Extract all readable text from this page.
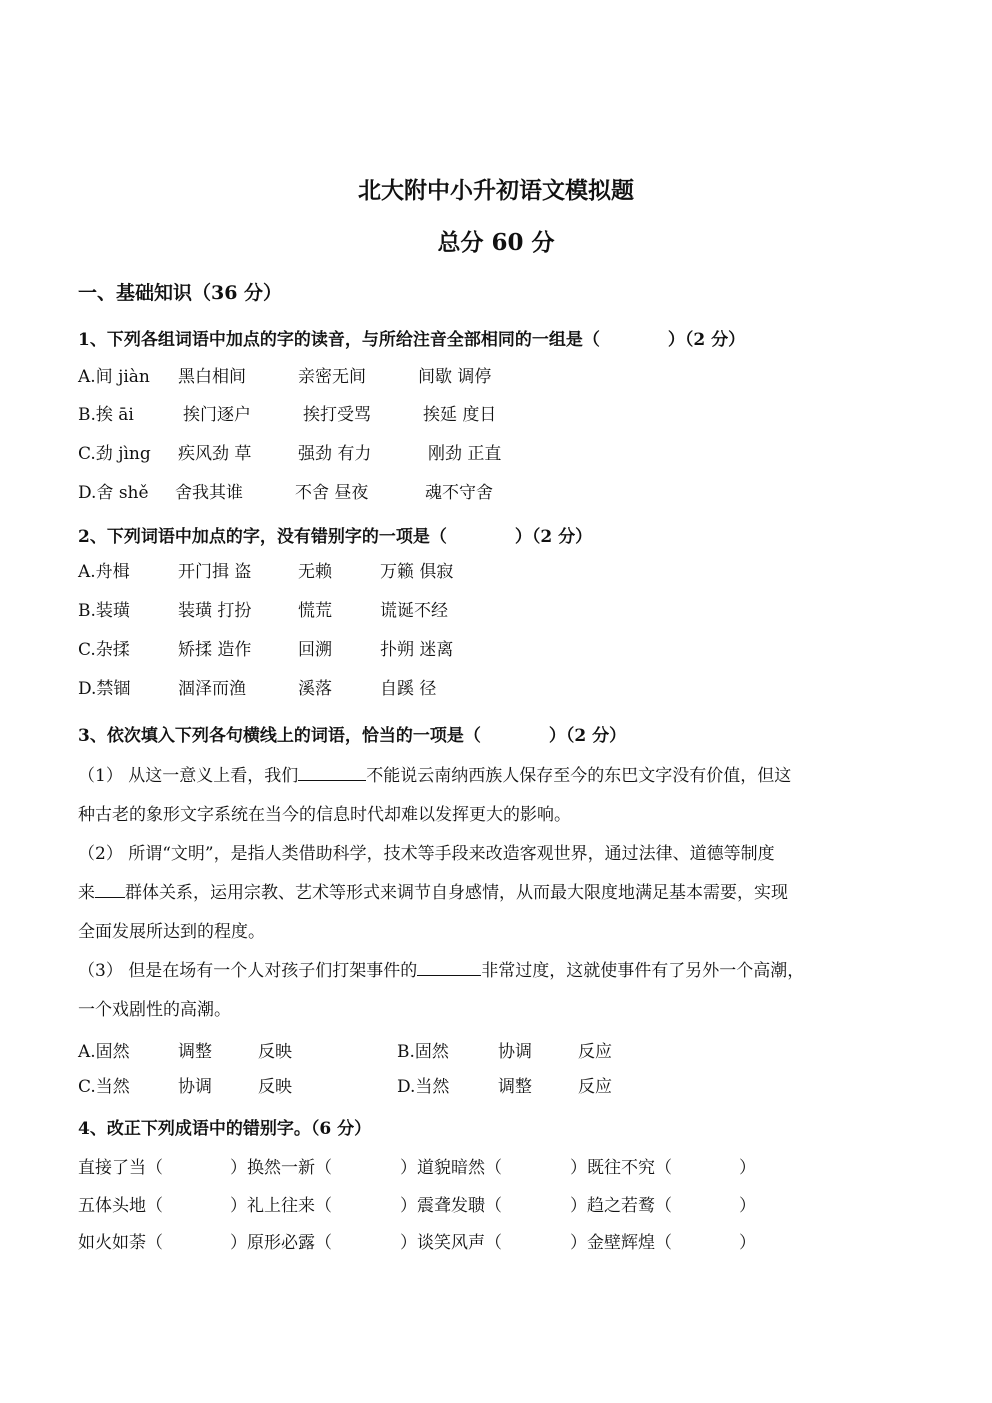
北大附中小升初语文模拟题
总分 60 分
一、基础知识（36 分）
1、下列各组词语中加点的字的读音，与所给注音全部相同的一组是（　　　　）（2 分）
A.间 jiàn 黑白相间	亲密无间	间歇 调停
B.挨 āi	挨门逐户	挨打受骂	挨延 度日
C.劲 jìng 疾风劲 草	强劲 有力	刚劲 正直
D.舍 shě 舍我其谁	不舍 昼夜	魂不守舍
2、下列词语中加点的字，没有错别字的一项是（　　　　）（2 分）
A.舟楫	开门揖 盗	无赖	万籁 俱寂
B.装璜	装璜 打扮	慌荒	谎诞不经
C.杂揉	矫揉 造作	回溯	扑朔 迷离
D.禁锢	涸泽而渔	溪落	自蹊 径
3、依次填入下列各句横线上的词语，恰当的一项是（　　　　）（2 分）
（1） 从这一意义上看，我们	不能说云南纳西族人保存至今的东巴文字没有价值，但这
种古老的象形文字系统在当今的信息时代却难以发挥更大的影响。
（2） 所谓“文明”，是指人类借助科学，技术等手段来改造客观世界，通过法律、道德等制度
来 群体关系，运用宗教、艺术等形式来调节自身感情，从而最大限度地满足基本需要，实现
全面发展所达到的程度。
（3） 但是在场有一个人对孩子们打架事件的	非常过度，这就使事件有了另外一个高潮，
一个戏剧性的高潮。
A.固然	调整	反映	B.固然	协调	反应
C.当然	协调	反映	D.当然	调整	反应
4、改正下列成语中的错别字。（6 分）
直接了当（	）换然一新（	）道貌暗然（	）既往不究（	）
五体头地（	）礼上往来（	）震聋发聩（	）趋之若鹜（	）
如火如荼（	）原形必露（	）谈笑风声（	）金壁辉煌（	）
